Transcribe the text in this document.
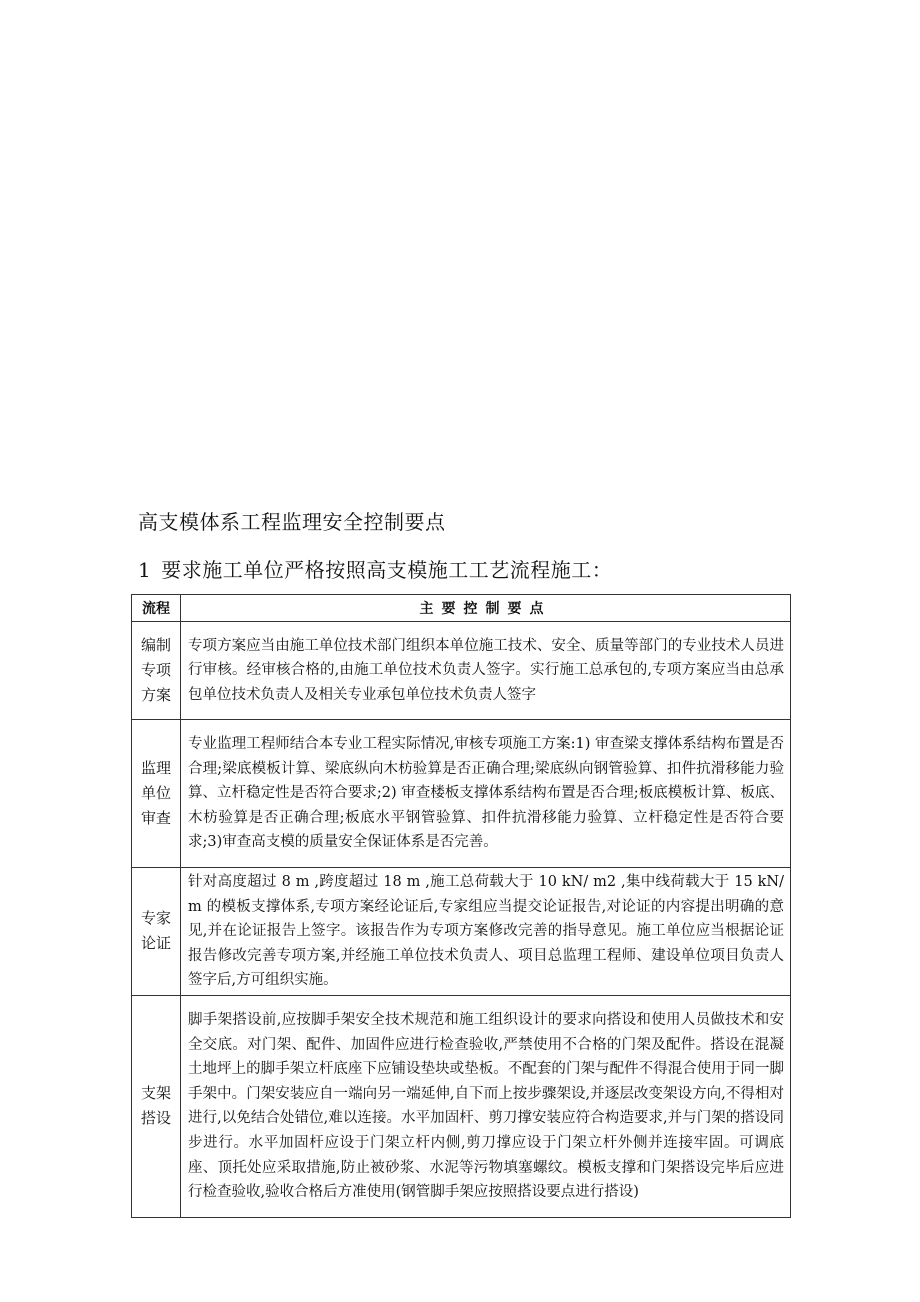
高支模体系工程监理安全控制要点
1 要求施工单位严格按照高支模施工工艺流程施工：
流程	主要控制要点
编制专项方案	专项方案应当由施工单位技术部门组织本单位施工技术、安全、质量等部门的专业技术人员进行审核。经审核合格的,由施工单位技术负责人签字。实行施工总承包的,专项方案应当由总承包单位技术负责人及相关专业承包单位技术负责人签字
监理单位审查	专业监理工程师结合本专业工程实际情况,审核专项施工方案:1) 审查梁支撑体系结构布置是否合理;梁底模板计算、梁底纵向木枋验算是否正确合理;梁底纵向钢管验算、扣件抗滑移能力验算、立杆稳定性是否符合要求;2) 审查楼板支撑体系结构布置是否合理;板底模板计算、板底、木枋验算是否正确合理;板底水平钢管验算、扣件抗滑移能力验算、立杆稳定性是否符合要求;3)审查高支模的质量安全保证体系是否完善。
专家论证	针对高度超过 8 m ,跨度超过 18 m ,施工总荷载大于 10 kN/ m2 ,集中线荷载大于 15 kN/ m 的模板支撑体系,专项方案经论证后,专家组应当提交论证报告,对论证的内容提出明确的意见,并在论证报告上签字。该报告作为专项方案修改完善的指导意见。施工单位应当根据论证报告修改完善专项方案,并经施工单位技术负责人、项目总监理工程师、建设单位项目负责人签字后,方可组织实施。
支架搭设	脚手架搭设前,应按脚手架安全技术规范和施工组织设计的要求向搭设和使用人员做技术和安全交底。对门架、配件、加固件应进行检查验收,严禁使用不合格的门架及配件。搭设在混凝土地坪上的脚手架立杆底座下应铺设垫块或垫板。不配套的门架与配件不得混合使用于同一脚手架中。门架安装应自一端向另一端延伸,自下而上按步骤架设,并逐层改变架设方向,不得相对进行,以免结合处错位,难以连接。水平加固杆、剪刀撑安装应符合构造要求,并与门架的搭设同步进行。水平加固杆应设于门架立杆内侧,剪刀撑应设于门架立杆外侧并连接牢固。可调底座、顶托处应采取措施,防止被砂浆、水泥等污物填塞螺纹。模板支撑和门架搭设完毕后应进行检查验收,验收合格后方准使用(钢管脚手架应按照搭设要点进行搭设)
